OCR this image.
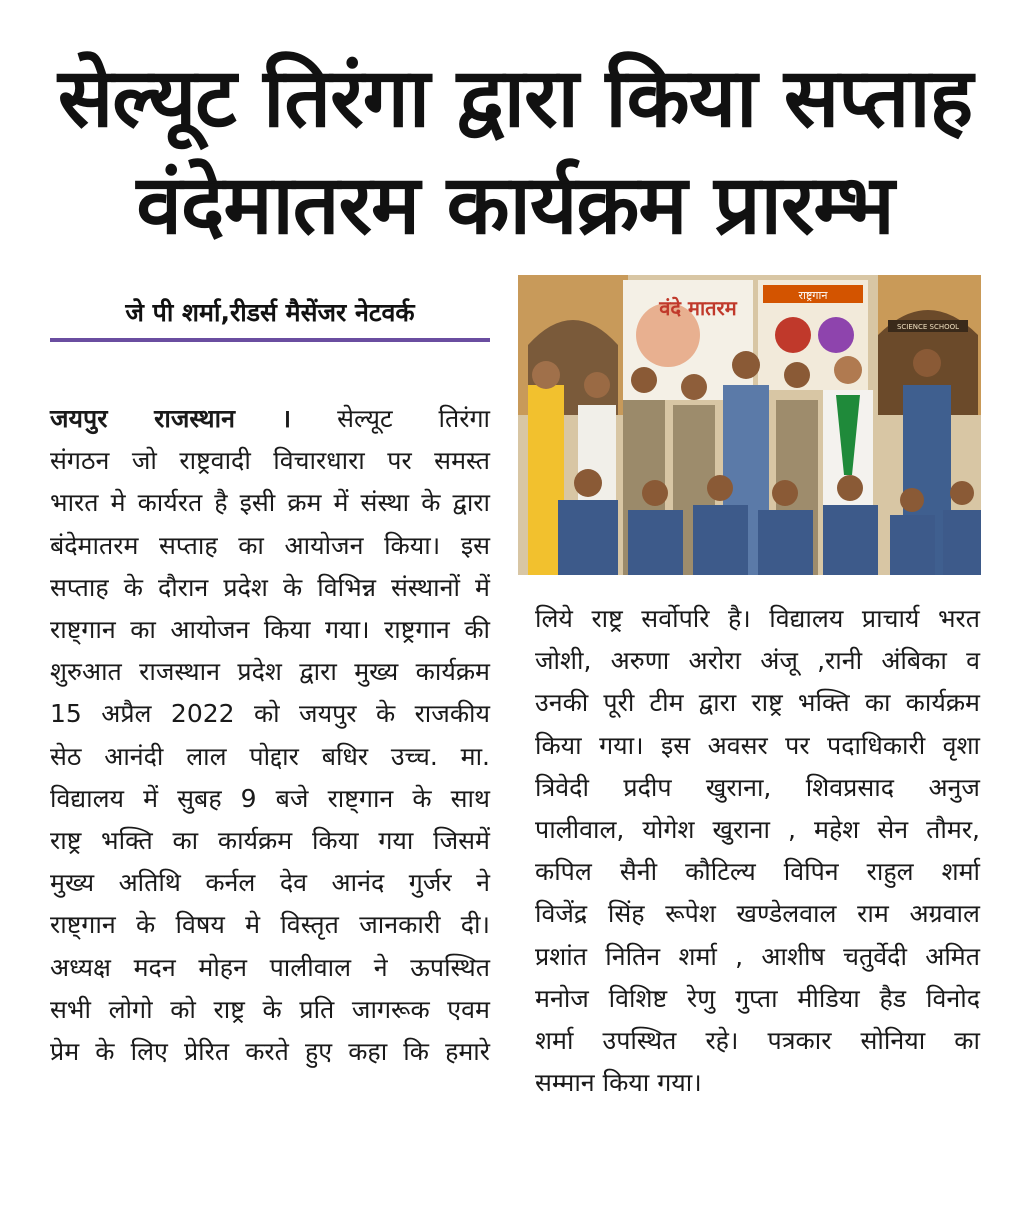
सेल्यूट तिरंगा द्वारा किया सप्ताह
वंदेमातरम कार्यक्रम प्रारम्भ
जे पी शर्मा,रीडर्स मैसेंजर नेटवर्क	SCIENCE SCHOOL
वंदे मातरम
राष्ट्रगान
जयपुर राजस्थान । सेल्यूट तिरंगा
संगठन जो राष्ट्रवादी विचारधारा पर समस्त
भारत मे कार्यरत है इसी क्रम में संस्था के द्वारा
बंदेमातरम सप्ताह का आयोजन किया। इस
सप्ताह के दौरान प्रदेश के विभिन्न संस्थानों में
राष्ट्गान का आयोजन किया गया। राष्ट्रगान की
शुरुआत राजस्थान प्रदेश द्वारा मुख्य कार्यक्रम
15 अप्रैल 2022 को जयपुर के राजकीय
सेठ आनंदी लाल पोद्दार बधिर उच्च. मा.
विद्यालय में सुबह 9 बजे राष्ट्गान के साथ
राष्ट्र भक्ति का कार्यक्रम किया गया जिसमें
मुख्य अतिथि कर्नल देव आनंद गुर्जर ने
राष्ट्गान के विषय मे विस्तृत जानकारी दी।
अध्यक्ष मदन मोहन पालीवाल ने ऊपस्थित
सभी लोगो को राष्ट्र के प्रति जागरूक एवम
प्रेम के लिए प्रेरित करते हुए कहा कि हमारे
लिये राष्ट्र सर्वोपरि है। विद्यालय प्राचार्य भरत
जोशी, अरुणा अरोरा अंजू ,रानी अंबिका व
उनकी पूरी टीम द्वारा राष्ट्र भक्ति का कार्यक्रम
किया गया। इस अवसर पर पदाधिकारी वृशा
त्रिवेदी प्रदीप खुराना, शिवप्रसाद अनुज
पालीवाल, योगेश खुराना , महेश सेन तौमर,
कपिल सैनी कौटिल्य विपिन राहुल शर्मा
विजेंद्र सिंह रूपेश खण्डेलवाल राम अग्रवाल
प्रशांत नितिन शर्मा , आशीष चतुर्वेदी अमित
मनोज विशिष्ट रेणु गुप्ता मीडिया हैड विनोद
शर्मा उपस्थित रहे। पत्रकार सोनिया का
सम्मान किया गया।
